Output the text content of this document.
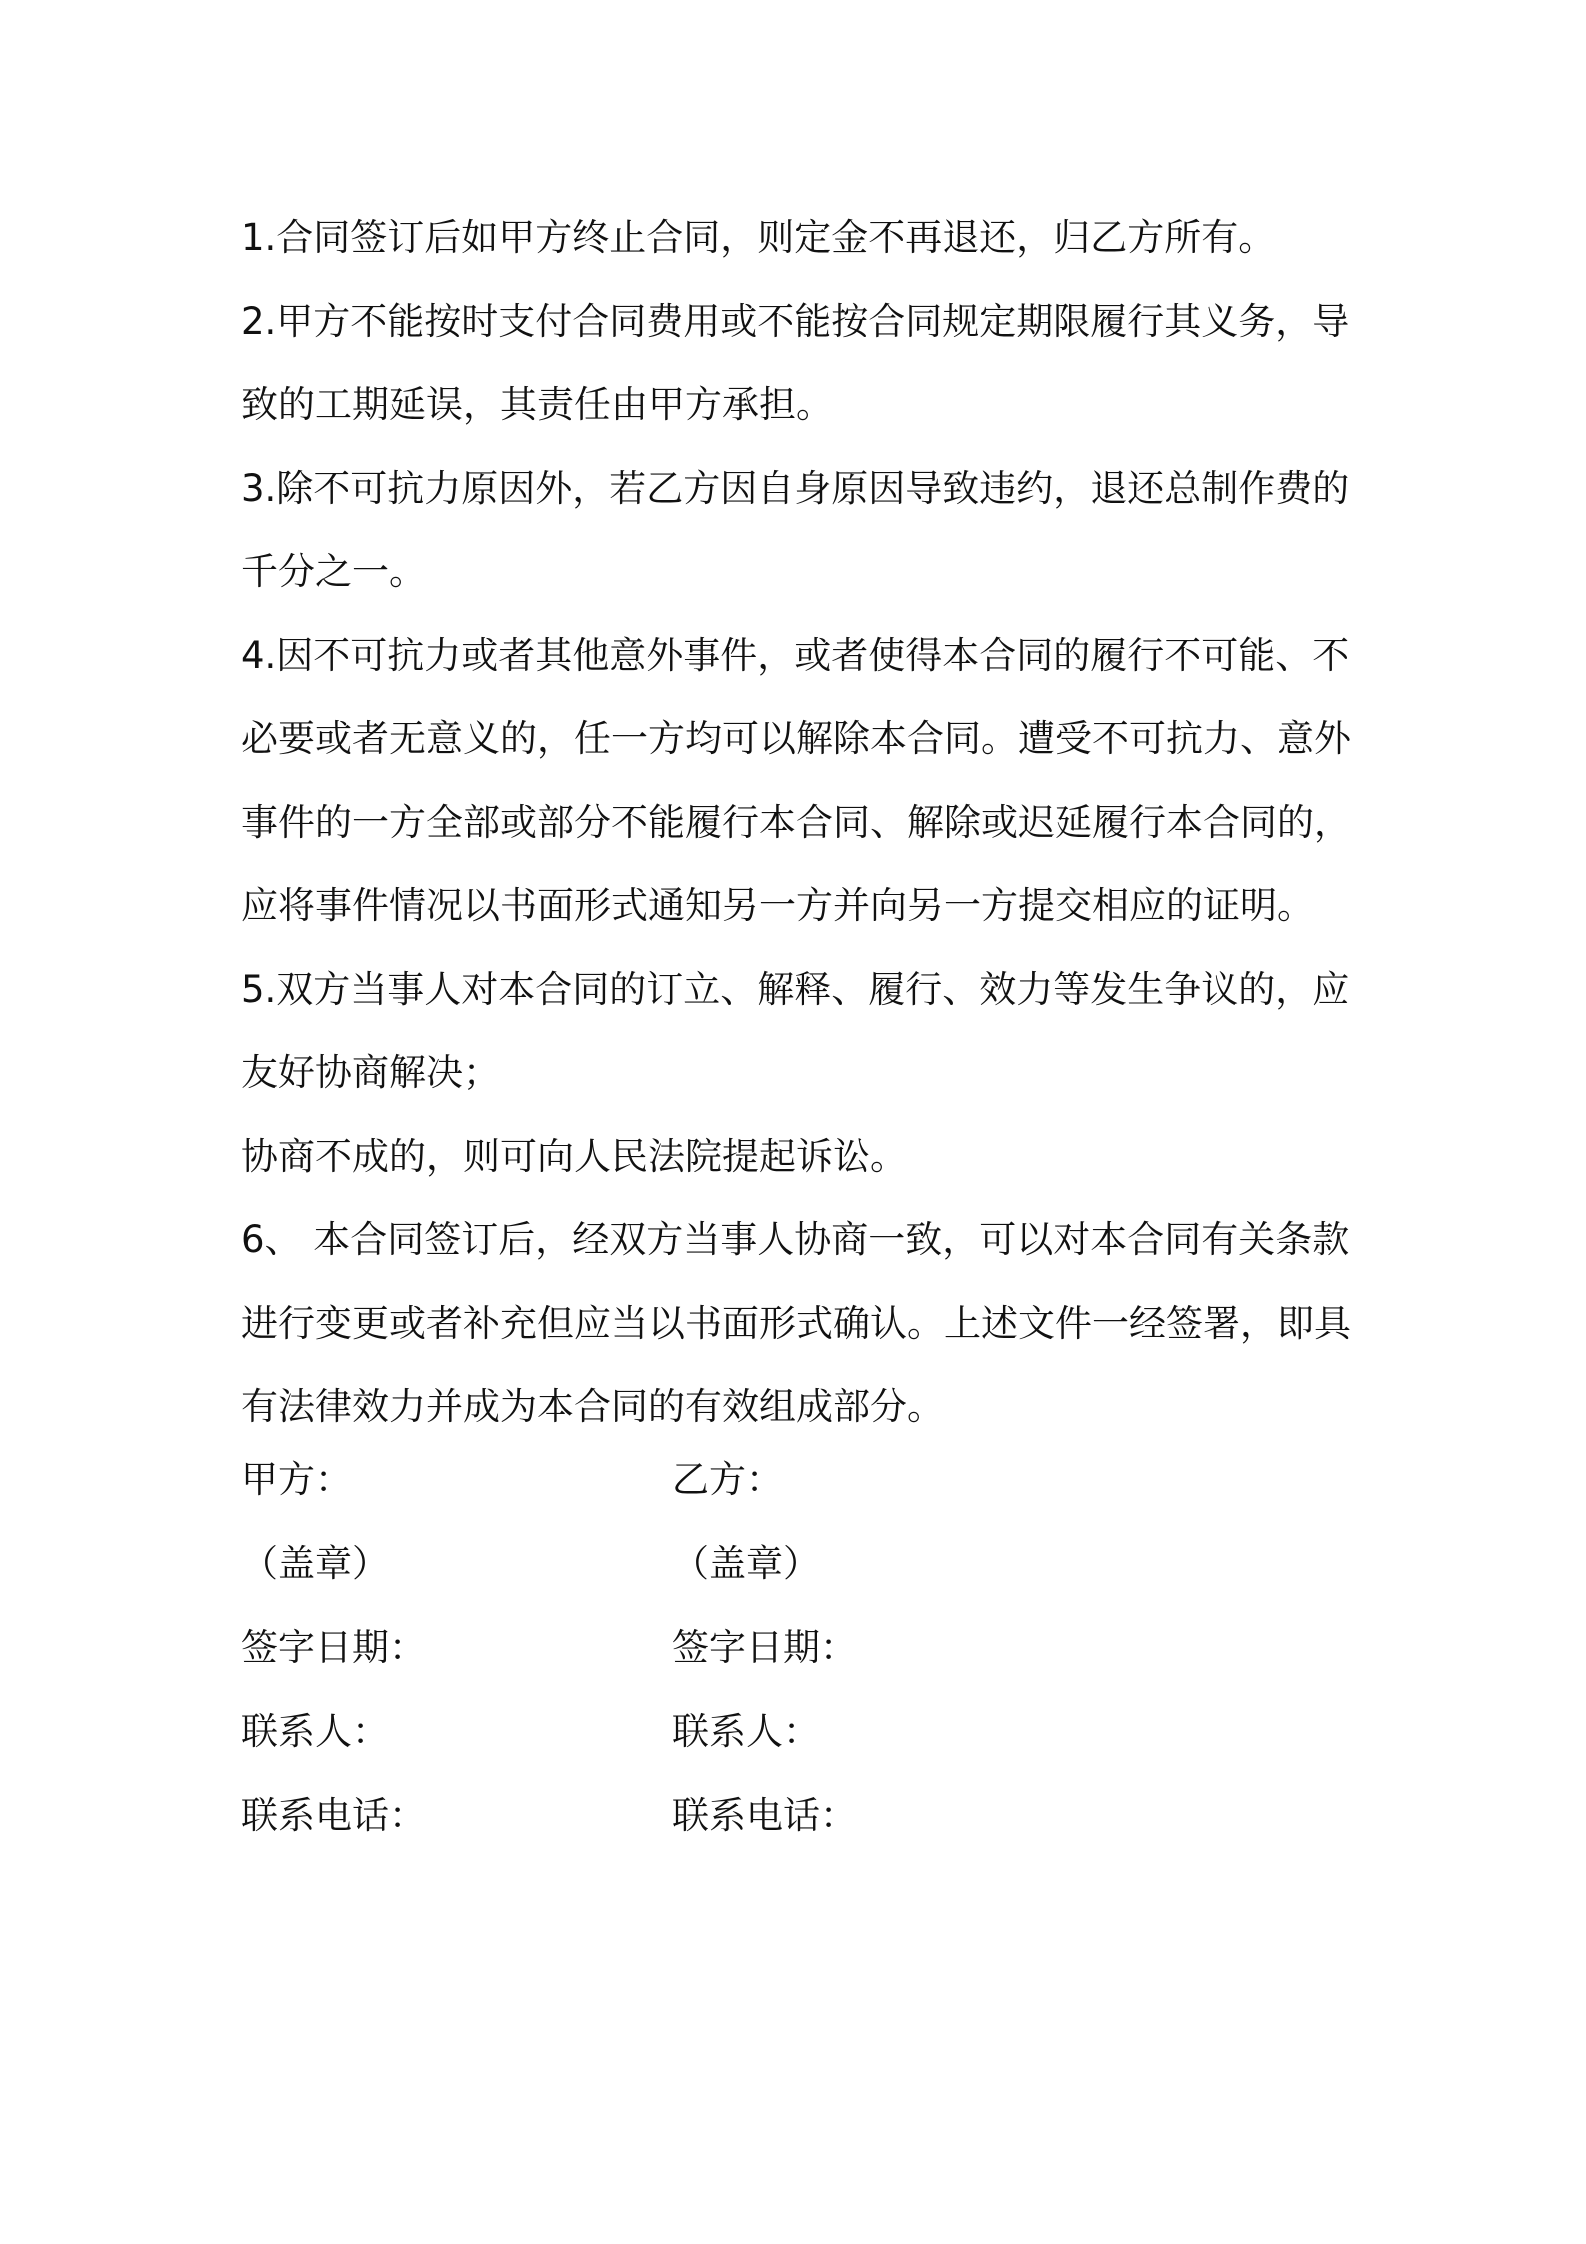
1.合同签订后如甲方终止合同，则定金不再退还，归乙方所有。

2.甲方不能按时支付合同费用或不能按合同规定期限履行其义务，导致的工期延误，其责任由甲方承担。

3.除不可抗力原因外，若乙方因自身原因导致违约，退还总制作费的千分之一。

4.因不可抗力或者其他意外事件，或者使得本合同的履行不可能、不必要或者无意义的，任一方均可以解除本合同。遭受不可抗力、意外事件的一方全部或部分不能履行本合同、解除或迟延履行本合同的，应将事件情况以书面形式通知另一方并向另一方提交相应的证明。

5.双方当事人对本合同的订立、解释、履行、效力等发生争议的，应友好协商解决；

协商不成的，则可向人民法院提起诉讼。

6、 本合同签订后，经双方当事人协商一致，可以对本合同有关条款进行变更或者补充但应当以书面形式确认。上述文件一经签署，即具有法律效力并成为本合同的有效组成部分。

甲方：	乙方：
（盖章）	（盖章）
签字日期：	签字日期：
联系人：	联系人：
联系电话：	联系电话：
